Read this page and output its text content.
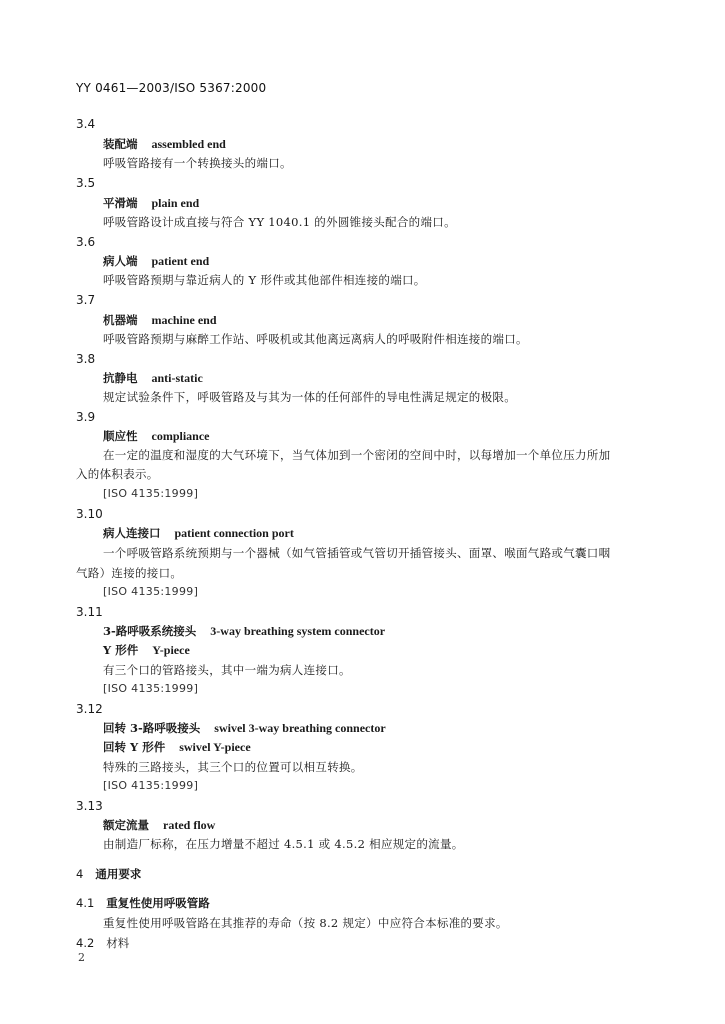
YY 0461—2003/ISO 5367:2000
3.4
装配端 assembled end
呼吸管路接有一个转换接头的端口。
3.5
平滑端 plain end
呼吸管路设计成直接与符合 YY 1040.1 的外圆锥接头配合的端口。
3.6
病人端 patient end
呼吸管路预期与靠近病人的 Y 形件或其他部件相连接的端口。
3.7
机器端 machine end
呼吸管路预期与麻醉工作站、呼吸机或其他离远离病人的呼吸附件相连接的端口。
3.8
抗静电 anti-static
规定试验条件下，呼吸管路及与其为一体的任何部件的导电性满足规定的极限。
3.9
顺应性 compliance
在一定的温度和湿度的大气环境下，当气体加到一个密闭的空间中时，以每增加一个单位压力所加
入的体积表示。
[ISO 4135:1999]
3.10
病人连接口 patient connection port
一个呼吸管路系统预期与一个器械（如气管插管或气管切开插管接头、面罩、喉面气路或气囊口咽
气路）连接的接口。
[ISO 4135:1999]
3.11
3-路呼吸系统接头 3-way breathing system connector
Y 形件 Y-piece
有三个口的管路接头，其中一端为病人连接口。
[ISO 4135:1999]
3.12
回转 3-路呼吸接头 swivel 3-way breathing connector
回转 Y 形件 swivel Y-piece
特殊的三路接头，其三个口的位置可以相互转换。
[ISO 4135:1999]
3.13
额定流量 rated flow
由制造厂标称，在压力增量不超过 4.5.1 或 4.5.2 相应规定的流量。
4 通用要求
4.1 重复性使用呼吸管路
重复性使用呼吸管路在其推荐的寿命（按 8.2 规定）中应符合本标准的要求。
4.2 材料
2
